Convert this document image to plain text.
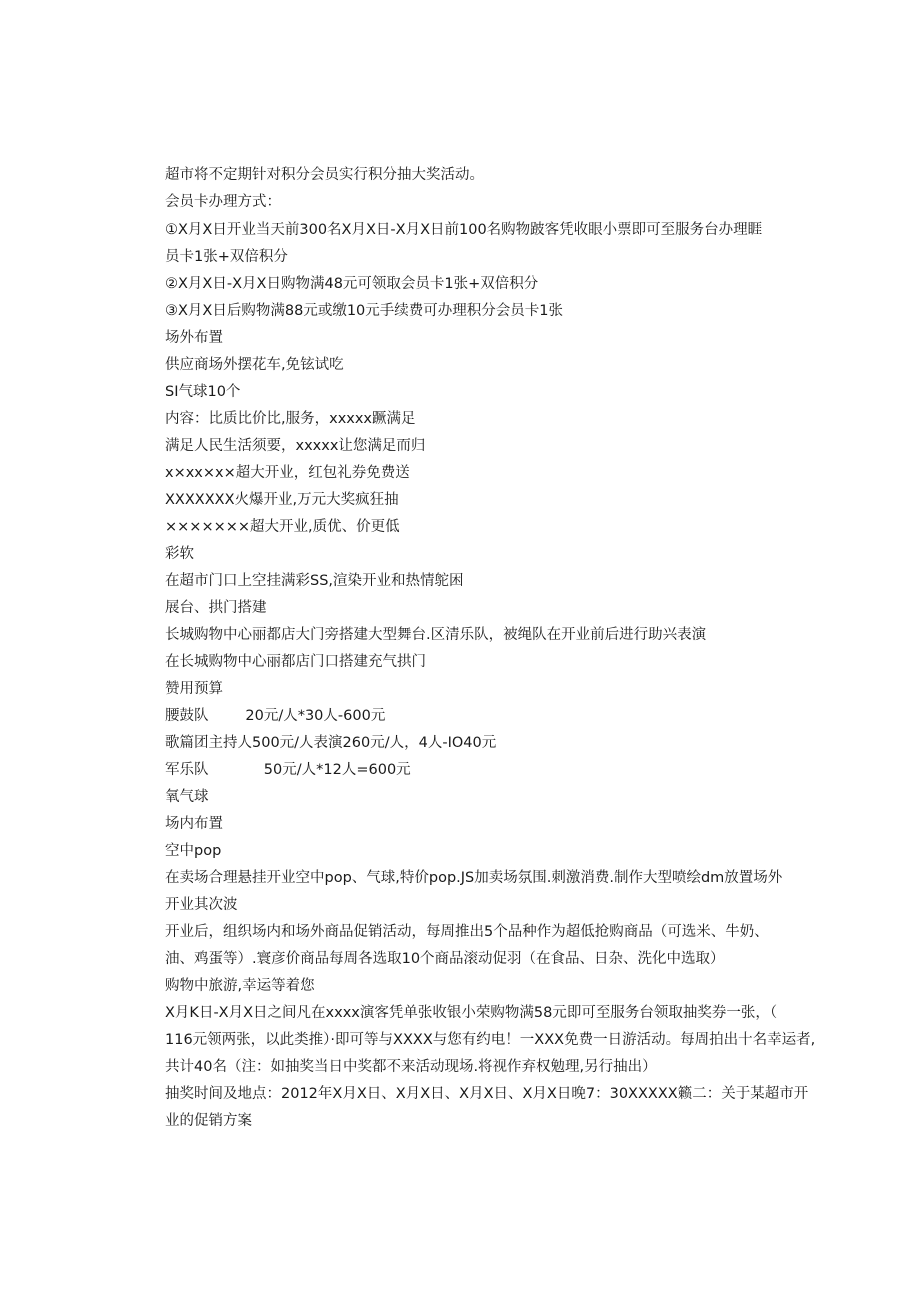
超市将不定期针对积分会员实行积分抽大奖活动。
会员卡办理方式：
①X月X日开业当天前300名X月X日-X月X日前100名购物跛客凭收眼小票即可至服务台办理睚
员卡1张+双倍积分
②X月X日-X月X日购物满48元可领取会员卡1张+双倍积分
③X月X日后购物满88元或缴10元手续费可办理积分会员卡1张
场外布置
供应商场外摆花车,免铉试吃
SI气球10个
内容：比质比价比,服务，xxxxx蹶满足
满足人民生活须要，xxxxx让您满足而归
x×xx×x×超大开业，红包礼券免费送
XXXXXXX火爆开业,万元大奖疯狂抽
×××××××超大开业,质优、价更低
彩软
在超市门口上空挂满彩SS,渲染开业和热情鸵困
展台、拱门搭建
长城购物中心丽都店大门旁搭建大型舞台.区清乐队，被绳队在开业前后进行助兴表演
在长城购物中心丽都店门口搭建充气拱门
赞用预算
腰鼓队        20元/人*30人-600元
歌篇团主持人500元/人表演260元/人，4人-IO40元
军乐队            50元/人*12人=600元
氧气球
场内布置
空中pop
在卖场合理悬挂开业空中pop、气球,特价pop.JS加卖场氛围.刺激消费.制作大型喷绘dm放置场外
开业其次波
开业后，组织场内和场外商品促销活动，每周推出5个品种作为超低抢购商品（可选米、牛奶、
油、鸡蛋等）.寰彦价商品每周各选取10个商品滚动促羽（在食品、日杂、洗化中选取）
购物中旅游,幸运等着您
X月K日-X月X日之间凡在xxxx演客凭单张收银小荣购物满58元即可至服务台领取抽奖券一张，（
116元领两张，以此类推）·即可等与XXXX与您有约电！一XXX免费一日游活动。每周拍出十名幸运者,
共计40名（注：如抽奖当日中奖都不来活动现场.将视作弃权勉理,另行抽出）
抽奖时间及地点：2012年X月X日、X月X日、X月X日、X月X日晚7：30XXXXX籁二：关于某超市开
业的促销方案
